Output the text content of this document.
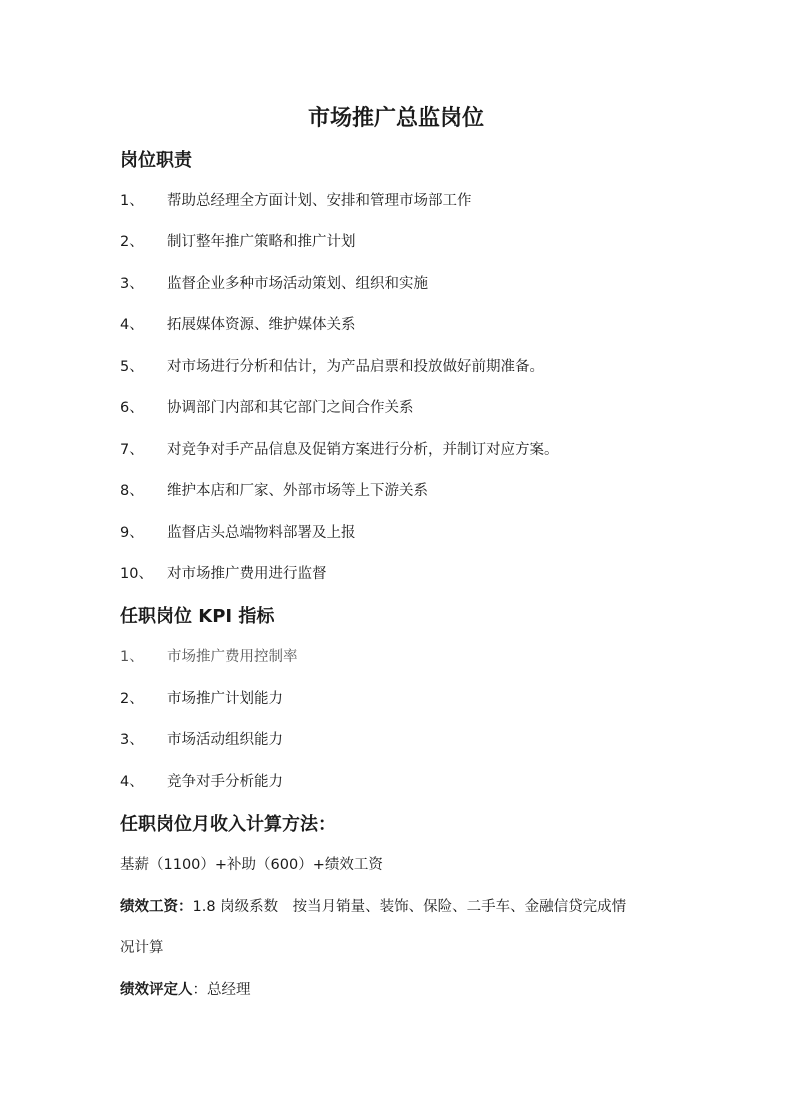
市场推广总监岗位
岗位职责
1、 帮助总经理全方面计划、安排和管理市场部工作
2、 制订整年推广策略和推广计划
3、 监督企业多种市场活动策划、组织和实施
4、 拓展媒体资源、维护媒体关系
5、 对市场进行分析和估计，为产品启票和投放做好前期准备。
6、 协调部门内部和其它部门之间合作关系
7、 对竞争对手产品信息及促销方案进行分析，并制订对应方案。
8、 维护本店和厂家、外部市场等上下游关系
9、 监督店头总端物料部署及上报
10、 对市场推广费用进行监督
任职岗位 KPI 指标
1、 市场推广费用控制率
2、 市场推广计划能力
3、 市场活动组织能力
4、 竞争对手分析能力
任职岗位月收入计算方法：
基薪（1100）+补助（600）+绩效工资
绩效工资：1.8 岗级系数　按当月销量、装饰、保险、二手车、金融信贷完成情
况计算
绩效评定人：总经理
